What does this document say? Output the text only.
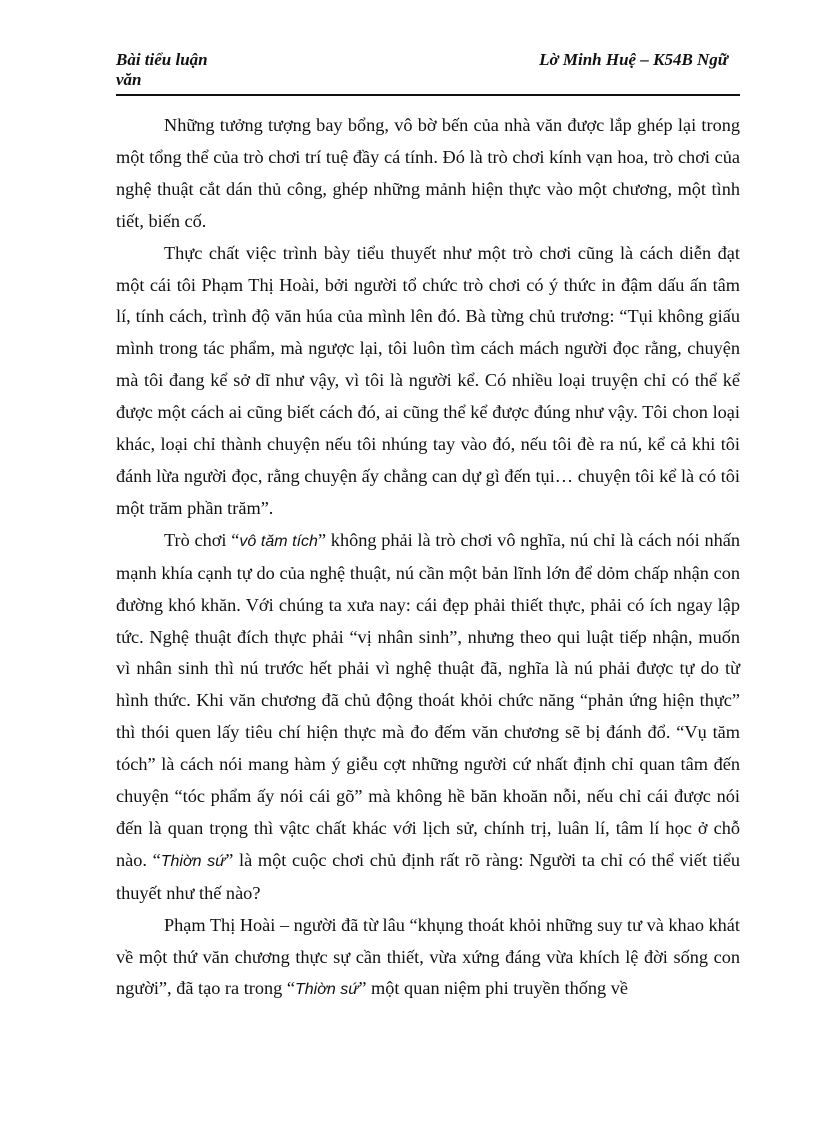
Bài tiểu luận
văn
Lờ Minh Huệ – K54B Ngữ

Những tưởng tượng bay bổng, vô bờ bến của nhà văn được lắp ghép lại trong một tổng thể của trò chơi trí tuệ đầy cá tính. Đó là trò chơi kính vạn hoa, trò chơi của nghệ thuật cắt dán thủ công, ghép những mảnh hiện thực vào một chương, một tình tiết, biến cố.

Thực chất việc trình bày tiểu thuyết như một trò chơi cũng là cách diễn đạt một cái tôi Phạm Thị Hoài, bởi người tổ chức trò chơi có ý thức in đậm dấu ấn tâm lí, tính cách, trình độ văn húa của mình lên đó. Bà từng chủ trương: “Tụi không giấu mình trong tác phẩm, mà ngược lại, tôi luôn tìm cách mách người đọc rằng, chuyện mà tôi đang kể sở dĩ như vậy, vì tôi là người kể. Có nhiều loại truyện chỉ có thể kể được một cách ai cũng biết cách đó, ai cũng thể kể được đúng như vậy. Tôi chon loại khác, loại chỉ thành chuyện nếu tôi nhúng tay vào đó, nếu tôi đè ra nú, kể cả khi tôi đánh lừa người đọc, rằng chuyện ấy chẳng can dự gì đến tụi… chuyện tôi kể là có tôi một trăm phần trăm”.

Trò chơi “vô tăm tích” không phải là trò chơi vô nghĩa, nú chỉ là cách nói nhấn mạnh khía cạnh tự do của nghệ thuật, nú cần một bản lĩnh lớn để dỏm chấp nhận con đường khó khăn. Với chúng ta xưa nay: cái đẹp phải thiết thực, phải có ích ngay lập tức. Nghệ thuật đích thực phải “vị nhân sinh”, nhưng theo qui luật tiếp nhận, muốn vì nhân sinh thì nú trước hết phải vì nghệ thuật đã, nghĩa là nú phải được tự do từ hình thức. Khi văn chương đã chủ động thoát khỏi chức năng “phản ứng hiện thực” thì thói quen lấy tiêu chí hiện thực mà đo đếm văn chương sẽ bị đánh đổ. “Vụ tăm tóch” là cách nói mang hàm ý giễu cợt những người cứ nhất định chỉ quan tâm đến chuyện “tóc phẩm ấy nói cái gõ” mà không hề băn khoăn nỗi, nếu chỉ cái được nói đến là quan trọng thì vậtc chất khác với lịch sử, chính trị, luân lí, tâm lí học ở chỗ nào. “Thiờn sứ” là một cuộc chơi chủ định rất rõ ràng: Người ta chỉ có thể viết tiểu thuyết như thế nào?

Phạm Thị Hoài – người đã từ lâu “khụng thoát khỏi những suy tư và khao khát về một thứ văn chương thực sự cần thiết, vừa xứng đáng vừa khích lệ đời sống con người”, đã tạo ra trong “Thiờn sứ” một quan niệm phi truyền thống về
